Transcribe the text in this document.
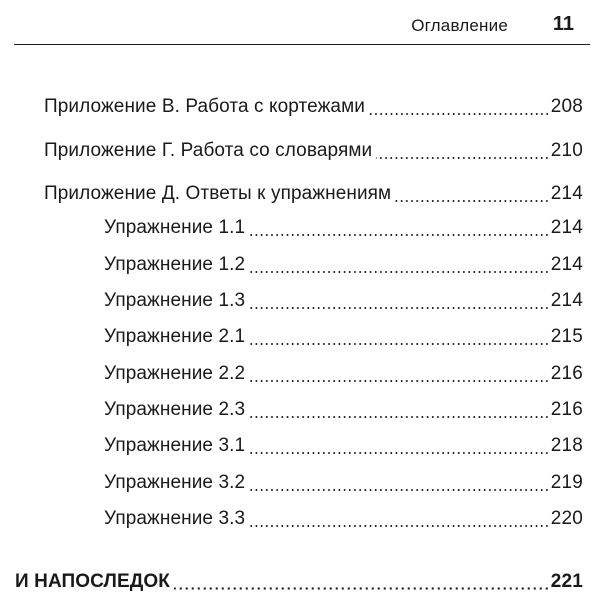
Оглавление 11
Приложение В. Работа с кортежами	208
Приложение Г. Работа со словарями	210
Приложение Д. Ответы к упражнениям	214
Упражнение 1.1	214
Упражнение 1.2	214
Упражнение 1.3	214
Упражнение 2.1	215
Упражнение 2.2	216
Упражнение 2.3	216
Упражнение 3.1	218
Упражнение 3.2	219
Упражнение 3.3	220
И НАПОСЛЕДОК	221
